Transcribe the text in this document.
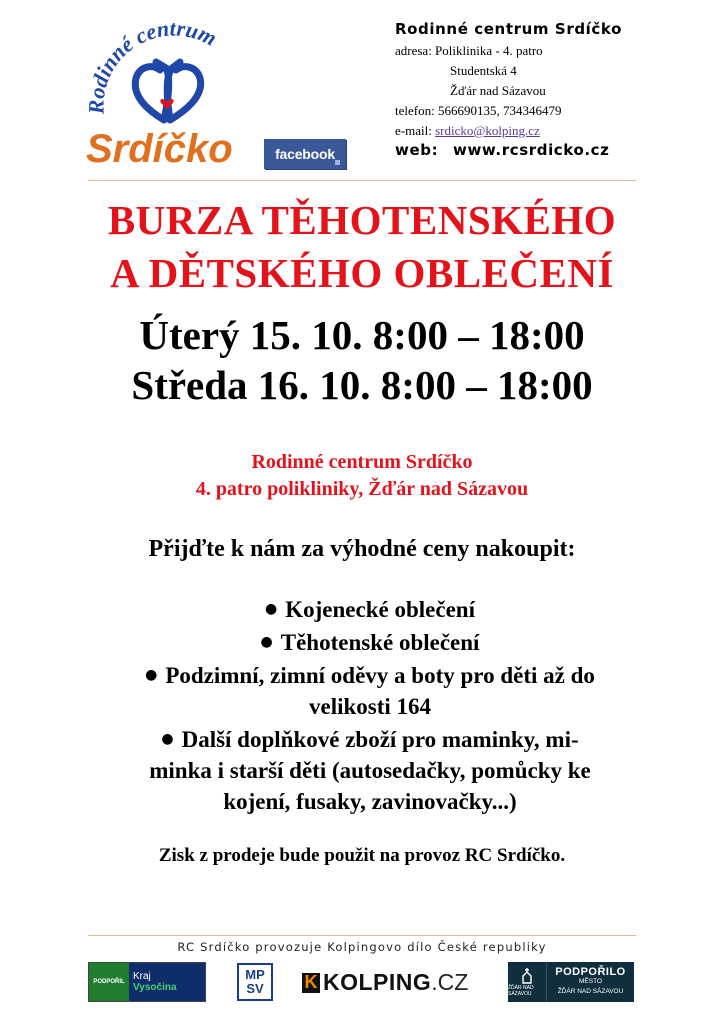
Rodinné centrum
Srdíčko	facebook
Rodinné centrum Srdíčko
adresa: Poliklinika - 4. patro
Studentská 4
Žďár nad Sázavou
telefon: 566690135, 734346479
e-mail: srdicko@kolping.cz
web: www.rcsrdicko.cz
BURZA TĚHOTENSKÉHO
A DĚTSKÉHO OBLEČENÍ
Úterý 15. 10. 8:00 – 18:00
Středa 16. 10. 8:00 – 18:00
Rodinné centrum Srdíčko
4. patro polikliniky, Žďár nad Sázavou
Přijďte k nám za výhodné ceny nakoupit:
● Kojenecké oblečení
● Těhotenské oblečení
● Podzimní, zimní oděvy a boty pro děti až do velikosti 164
● Další doplňkové zboží pro maminky, mi-minka i starší děti (autosedačky, pomůcky ke kojení, fusaky, zavinovačky...)
Zisk z prodeje bude použit na provoz RC Srdíčko.
RC Srdíčko provozuje Kolpingovo dílo České republiky
PODPOŘIL Kraj
Vysočina
MP
SV K KOLPING .CZ	ŽĎÁR NAD SÁZAVOU
PODPOŘILO
MĚSTO
ŽĎÁR NAD SÁZAVOU
